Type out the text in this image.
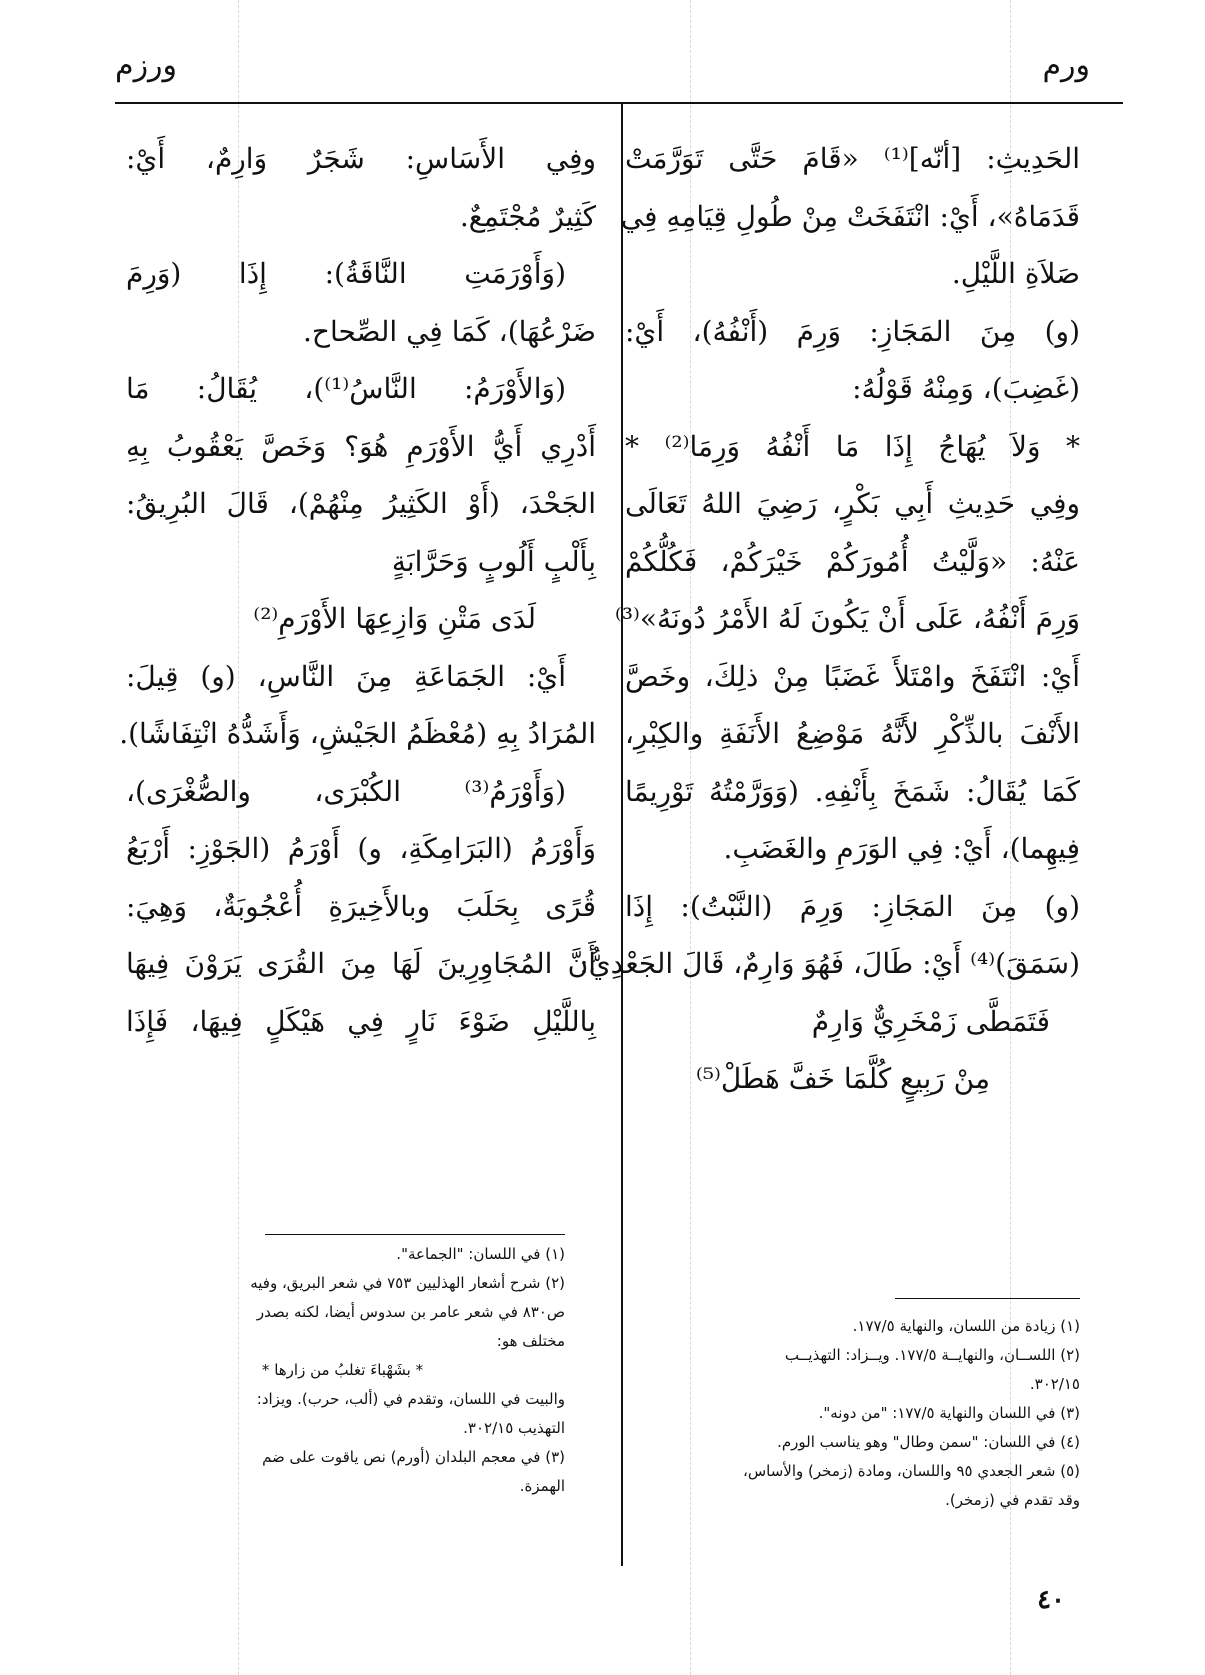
ورم
ورزم
الحَدِيثِ: [أنّه]⁽¹⁾ «قَامَ حَتَّى تَوَرَّمَتْ
قَدَمَاهُ»، أَيْ: انْتَفَخَتْ مِنْ طُولِ قِيَامِهِ فِي
صَلاَةِ اللَّيْلِ.
(و) مِنَ المَجَازِ: وَرِمَ (أَنْفُهُ)، أَيْ:
(غَضِبَ)، وَمِنْهُ قَوْلُهُ:
* وَلاَ يُهَاجُ إِذَا مَا أَنْفُهُ وَرِمَا⁽²⁾ *
وفِي حَدِيثِ أَبِي بَكْرٍ، رَضِيَ اللهُ تَعَالَى
عَنْهُ: «وَلَّيْتُ أُمُورَكُمْ خَيْرَكُمْ، فَكُلُّكُمْ
وَرِمَ أَنْفُهُ، عَلَى أَنْ يَكُونَ لَهُ الأَمْرُ دُونَهُ»⁽³⁾
أَيْ: انْتَفَخَ وامْتَلأَ غَضَبًا مِنْ ذلِكَ، وخَصَّ
الأَنْفَ بالذِّكْرِ لأَنَّهُ مَوْضِعُ الأَنَفَةِ والكِبْرِ،
كَمَا يُقَالُ: شَمَخَ بِأَنْفِهِ. (وَوَرَّمْتُهُ تَوْرِيمًا
فِيهِما)، أَيْ: فِي الوَرَمِ والغَضَبِ.
(و) مِنَ المَجَازِ: وَرِمَ (النَّبْتُ): إِذَا
(سَمَقَ)⁽⁴⁾ أَيْ: طَالَ، فَهُوَ وَارِمٌ، قَالَ الجَعْدِيُّ:
فَتَمَطَّى زَمْخَرِيٌّ وَارِمٌ
مِنْ رَبِيعٍ كُلَّمَا خَفَّ هَطَلْ⁽⁵⁾
وفِي الأَسَاسِ: شَجَرٌ وَارِمٌ، أَيْ:
كَثِيرٌ مُجْتَمِعٌ.
(وَأَوْرَمَتِ النَّاقَةُ): إِذَا (وَرِمَ
ضَرْعُهَا)، كَمَا فِي الصِّحاح.
(وَالأَوْرَمُ: النَّاسُ⁽¹⁾)، يُقَالُ: مَا
أَدْرِي أَيُّ الأَوْرَمِ هُوَ؟ وَخَصَّ يَعْقُوبُ بِهِ
الجَحْدَ، (أَوْ الكَثِيرُ مِنْهُمْ)، قَالَ البُرِيقُ:
بِأَلْبٍ أَلُوبٍ وَحَرَّابَةٍ
لَدَى مَتْنِ وَازِعِهَا الأَوْرَمِ⁽²⁾
أَيْ: الجَمَاعَةِ مِنَ النَّاسِ، (و) قِيلَ:
المُرَادُ بِهِ (مُعْظَمُ الجَيْشِ، وَأَشَدُّهُ انْتِفَاشًا).
(وَأَوْرَمُ⁽³⁾ الكُبْرَى، والصُّغْرَى)،
وَأَوْرَمُ (البَرَامِكَةِ، و) أَوْرَمُ (الجَوْزِ: أَرْبَعُ
قُرًى بِحَلَبَ وبالأَخِيرَةِ أُعْجُوبَةٌ، وَهِيَ:
أَنَّ المُجَاوِرِينَ لَهَا مِنَ القُرَى يَرَوْنَ فِيهَا
بِاللَّيْلِ ضَوْءَ نَارٍ فِي هَيْكَلٍ فِيهَا، فَإِذَا
(١) زيادة من اللسان، والنهاية ١٧٧/٥.
(٢) اللســان، والنهايــة ١٧٧/٥. ويــزاد: التهذيــب
٣٠٢/١٥.
(٣) في اللسان والنهاية ١٧٧/٥: "من دونه".
(٤) في اللسان: "سمن وطال" وهو يناسب الورم.
(٥) شعر الجعدي ٩٥ واللسان، ومادة (زمخر) والأساس،
وقد تقدم في (زمخر).
(١) في اللسان: "الجماعة".
(٢) شرح أشعار الهذليين ٧٥٣ في شعر البريق، وفيه
ص٨٣٠ في شعر عامر بن سدوس أيضا، لكنه بصدر
مختلف هو:
* بشَهْباءَ تغلبُ من زارها *
والبيت في اللسان، وتقدم في (ألب، حرب). ويزاد:
التهذيب ٣٠٢/١٥.
(٣) في معجم البلدان (أورم) نص ياقوت على ضم
الهمزة.
٤٠
